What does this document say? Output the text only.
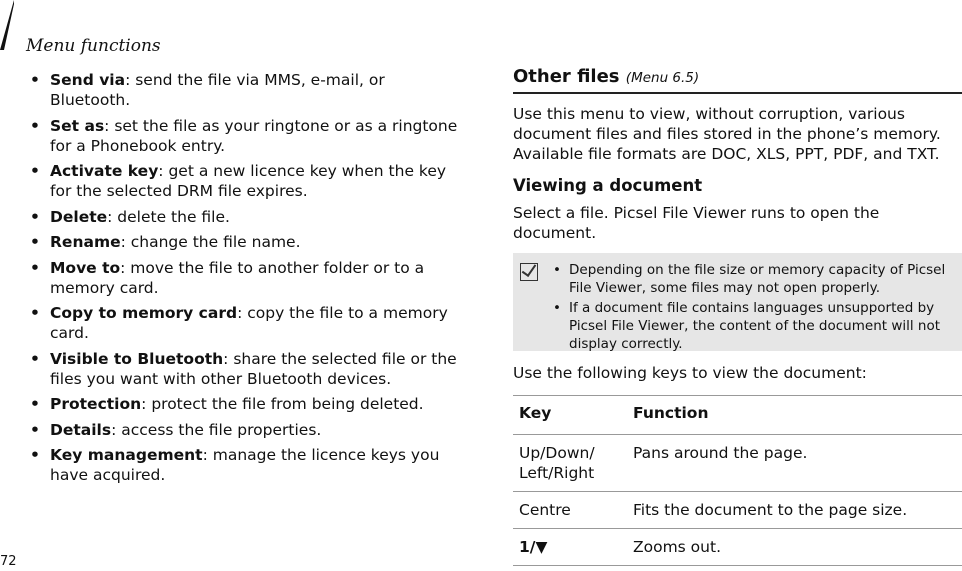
Menu functions
• Send via: send the file via MMS, e-mail, or Bluetooth.
• Set as: set the file as your ringtone or as a ringtone for a Phonebook entry.
• Activate key: get a new licence key when the key for the selected DRM file expires.
• Delete: delete the file.
• Rename: change the file name.
• Move to: move the file to another folder or to a memory card.
• Copy to memory card: copy the file to a memory card.
• Visible to Bluetooth: share the selected file or the files you want with other Bluetooth devices.
• Protection: protect the file from being deleted.
• Details: access the file properties.
• Key management: manage the licence keys you have acquired.
Other files (Menu 6.5)
Use this menu to view, without corruption, various document files and files stored in the phone’s memory. Available file formats are DOC, XLS, PPT, PDF, and TXT.
Viewing a document
Select a file. Picsel File Viewer runs to open the document.
• Depending on the file size or memory capacity of Picsel File Viewer, some files may not open properly.
• If a document file contains languages unsupported by Picsel File Viewer, the content of the document will not display correctly.
Use the following keys to view the document:
Key	Function
Up/Down/ Left/Right	Pans around the page.
Centre	Fits the document to the page size.
1/▼	Zooms out.
72
